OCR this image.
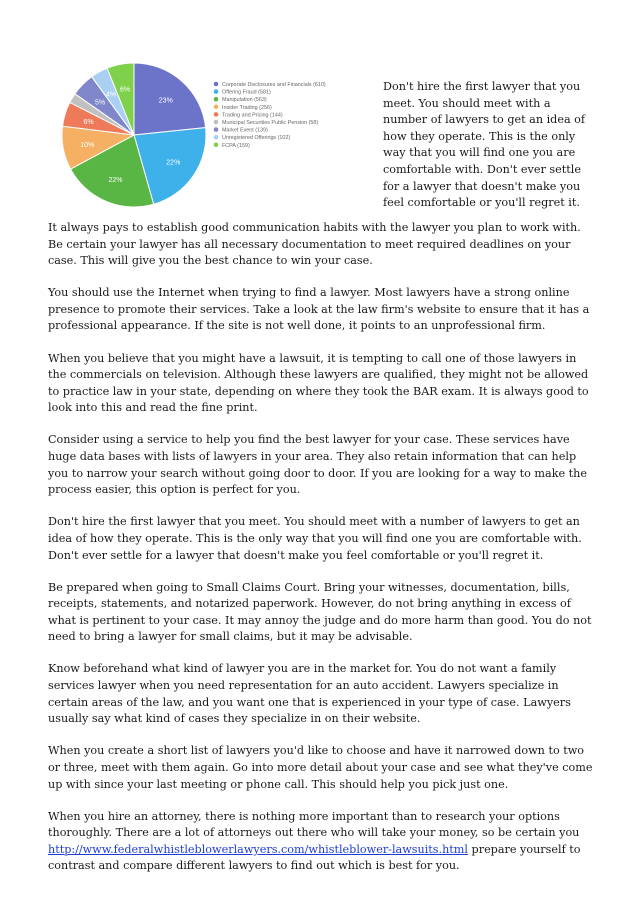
23%
22%
22%
10%
6%
5%
4%
6%
Corporate Disclosures and Financials (610)
Offering Fraud (581)
Manipulation (563)
Insider Trading (256)
Trading and Pricing (144)
Municipal Securities Public Pension (58)
Market Event (139)
Unregistered Offerings (102)
FCPA (159)

Don't hire the first lawyer that you meet. You should meet with a number of lawyers to get an idea of how they operate. This is the only way that you will find one you are comfortable with. Don't ever settle for a lawyer that doesn't make you feel comfortable or you'll regret it.

It always pays to establish good communication habits with the lawyer you plan to work with. Be certain your lawyer has all necessary documentation to meet required deadlines on your case. This will give you the best chance to win your case.

You should use the Internet when trying to find a lawyer. Most lawyers have a strong online presence to promote their services. Take a look at the law firm's website to ensure that it has a professional appearance. If the site is not well done, it points to an unprofessional firm.

When you believe that you might have a lawsuit, it is tempting to call one of those lawyers in the commercials on television. Although these lawyers are qualified, they might not be allowed to practice law in your state, depending on where they took the BAR exam. It is always good to look into this and read the fine print.

Consider using a service to help you find the best lawyer for your case. These services have huge data bases with lists of lawyers in your area. They also retain information that can help you to narrow your search without going door to door. If you are looking for a way to make the process easier, this option is perfect for you.

Don't hire the first lawyer that you meet. You should meet with a number of lawyers to get an idea of how they operate. This is the only way that you will find one you are comfortable with. Don't ever settle for a lawyer that doesn't make you feel comfortable or you'll regret it.

Be prepared when going to Small Claims Court. Bring your witnesses, documentation, bills, receipts, statements, and notarized paperwork. However, do not bring anything in excess of what is pertinent to your case. It may annoy the judge and do more harm than good. You do not need to bring a lawyer for small claims, but it may be advisable.

Know beforehand what kind of lawyer you are in the market for. You do not want a family services lawyer when you need representation for an auto accident. Lawyers specialize in certain areas of the law, and you want one that is experienced in your type of case. Lawyers usually say what kind of cases they specialize in on their website.

When you create a short list of lawyers you'd like to choose and have it narrowed down to two or three, meet with them again. Go into more detail about your case and see what they've come up with since your last meeting or phone call. This should help you pick just one.

When you hire an attorney, there is nothing more important than to research your options thoroughly. There are a lot of attorneys out there who will take your money, so be certain you http://www.federalwhistleblowerlawyers.com/whistleblower-lawsuits.html prepare yourself to contrast and compare different lawyers to find out which is best for you.
